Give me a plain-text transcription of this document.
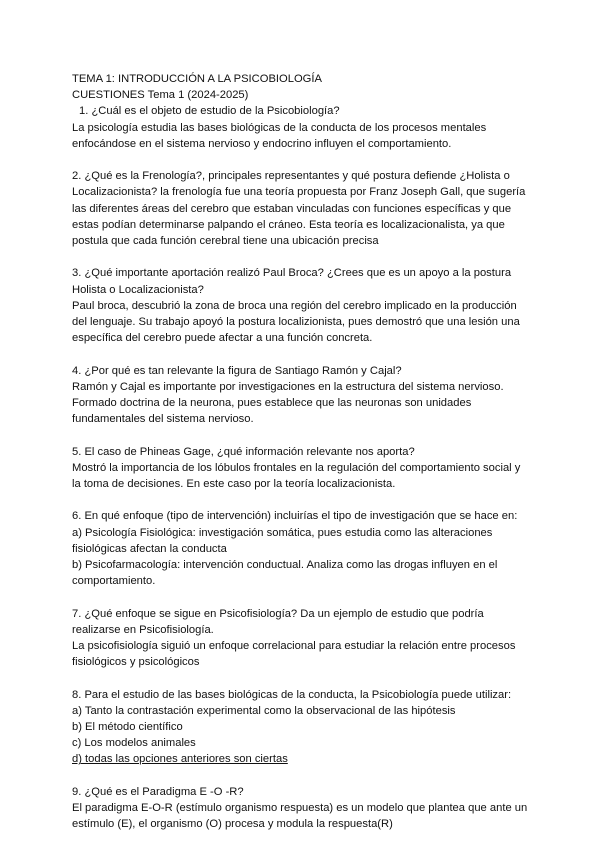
TEMA 1: INTRODUCCIÓN A LA PSICOBIOLOGÍA
CUESTIONES Tema 1 (2024-2025)
1. ¿Cuál es el objeto de estudio de la Psicobiología?
La psicología estudia las bases biológicas de la conducta de los procesos mentales
enfocándose en el sistema nervioso y endocrino influyen el comportamiento.
2. ¿Qué es la Frenología?, principales representantes y qué postura defiende ¿Holista o
Localizacionista? la frenología fue una teoría propuesta por Franz Joseph Gall, que sugería
las diferentes áreas del cerebro que estaban vinculadas con funciones específicas y que
estas podían determinarse palpando el cráneo. Esta teoría es localizacionalista, ya que
postula que cada función cerebral tiene una ubicación precisa
3. ¿Qué importante aportación realizó Paul Broca? ¿Crees que es un apoyo a la postura
Holista o Localizacionista?
Paul broca, descubrió la zona de broca una región del cerebro implicado en la producción
del lenguaje. Su trabajo apoyó la postura localizionista, pues demostró que una lesión una
específica del cerebro puede afectar a una función concreta.
4. ¿Por qué es tan relevante la figura de Santiago Ramón y Cajal?
Ramón y Cajal es importante por investigaciones en la estructura del sistema nervioso.
Formado doctrina de la neurona, pues establece que las neuronas son unidades
fundamentales del sistema nervioso.
5. El caso de Phineas Gage, ¿qué información relevante nos aporta?
Mostró la importancia de los lóbulos frontales en la regulación del comportamiento social y
la toma de decisiones. En este caso por la teoría localizacionista.
6. En qué enfoque (tipo de intervención) incluirías el tipo de investigación que se hace en:
a) Psicología Fisiológica: investigación somática, pues estudia como las alteraciones
fisiológicas afectan la conducta
b) Psicofarmacología: intervención conductual. Analiza como las drogas influyen en el
comportamiento.
7. ¿Qué enfoque se sigue en Psicofisiología? Da un ejemplo de estudio que podría
realizarse en Psicofisiología.
La psicofisiología siguió un enfoque correlacional para estudiar la relación entre procesos
fisiológicos y psicológicos
8. Para el estudio de las bases biológicas de la conducta, la Psicobiología puede utilizar:
a) Tanto la contrastación experimental como la observacional de las hipótesis
b) El método científico
c) Los modelos animales
d) todas las opciones anteriores son ciertas
9. ¿Qué es el Paradigma E -O -R?
El paradigma E-O-R (estímulo organismo respuesta) es un modelo que plantea que ante un
estímulo (E), el organismo (O) procesa y modula la respuesta(R)
